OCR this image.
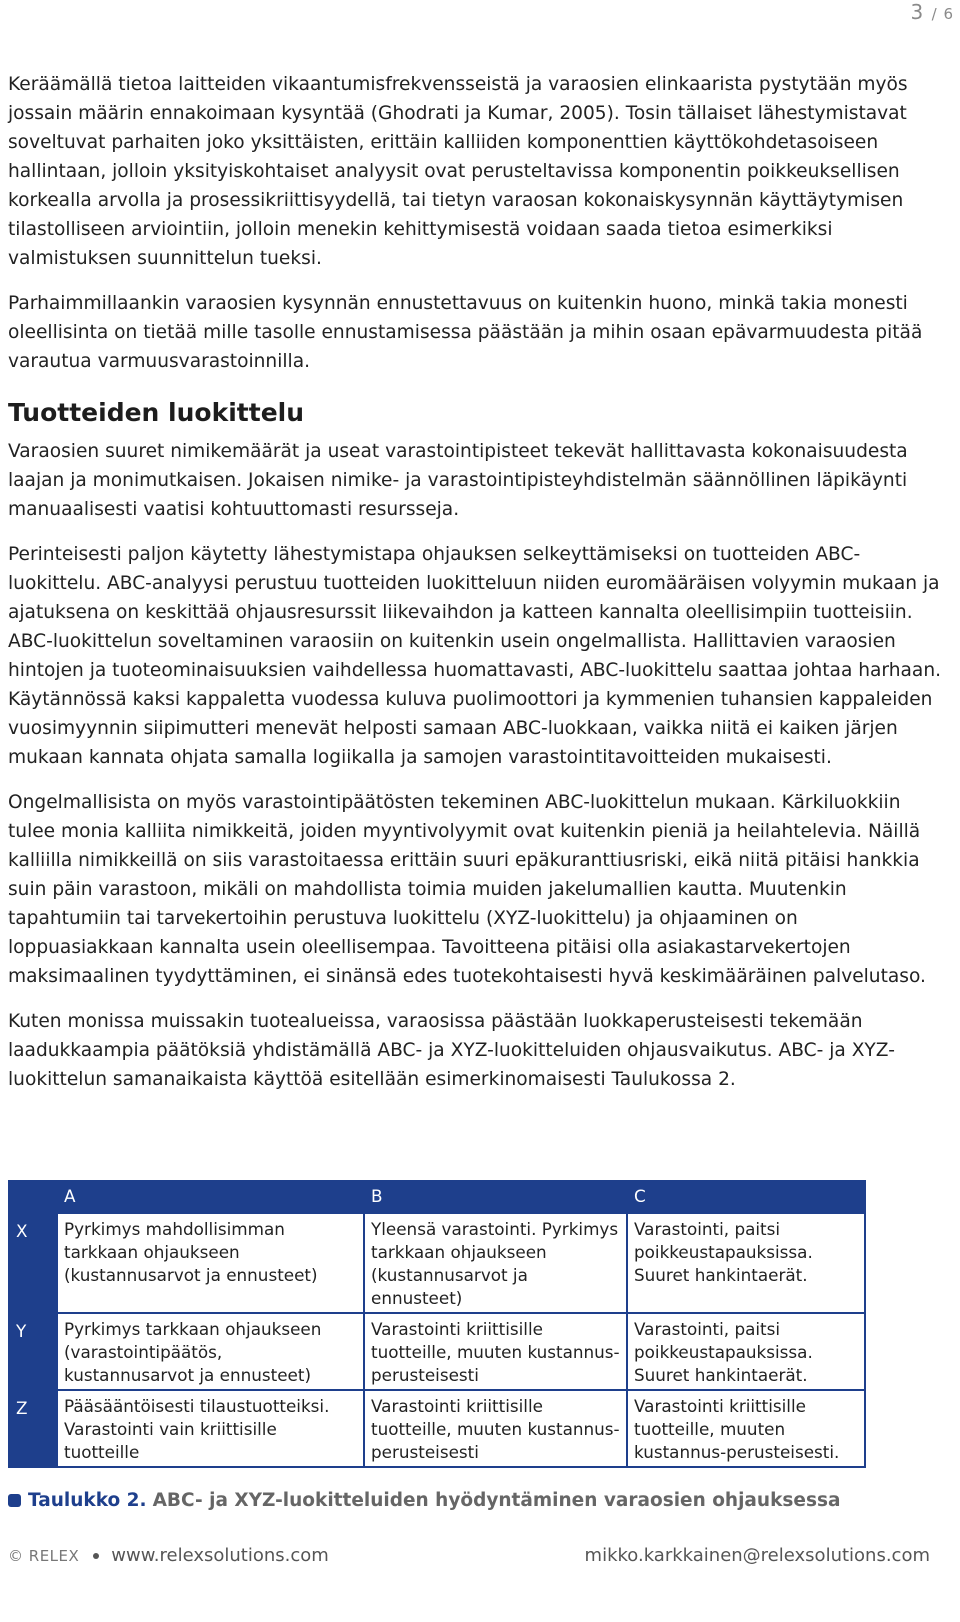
3 / 6

Keräämällä tietoa laitteiden vikaantumisfrekvensseistä ja varaosien elinkaarista pystytään myös jossain määrin ennakoimaan kysyntää (Ghodrati ja Kumar, 2005). Tosin tällaiset lähestymistavat soveltuvat parhaiten joko yksittäisten, erittäin kalliiden komponenttien käyttökohdetasoiseen hallintaan, jolloin yksityiskohtaiset analyysit ovat perusteltavissa komponentin poikkeuksellisen korkealla arvolla ja prosessikriittisyydellä, tai tietyn varaosan kokonaiskysynnän käyttäytymisen tilastolliseen arviointiin, jolloin menekin kehittymisestä voidaan saada tietoa esimerkiksi valmistuksen suunnittelun tueksi.

Parhaimmillaankin varaosien kysynnän ennustettavuus on kuitenkin huono, minkä takia monesti oleellisinta on tietää mille tasolle ennustamisessa päästään ja mihin osaan epävarmuudesta pitää varautua varmuusvarastoinnilla.

Tuotteiden luokittelu

Varaosien suuret nimikemäärät ja useat varastointipisteet tekevät hallittavasta kokonaisuudesta laajan ja monimutkaisen. Jokaisen nimike- ja varastointipisteyhdistelmän säännöllinen läpikäynti manuaalisesti vaatisi kohtuuttomasti resursseja.

Perinteisesti paljon käytetty lähestymistapa ohjauksen selkeyttämiseksi on tuotteiden ABC-luokittelu. ABC-analyysi perustuu tuotteiden luokitteluun niiden euromääräisen volyymin mukaan ja ajatuksena on keskittää ohjausresurssit liikevaihdon ja katteen kannalta oleellisimpiin tuotteisiin. ABC-luokittelun soveltaminen varaosiin on kuitenkin usein ongelmallista. Hallittavien varaosien hintojen ja tuoteominaisuuksien vaihdellessa huomattavasti, ABC-luokittelu saattaa johtaa harhaan. Käytännössä kaksi kappaletta vuodessa kuluva puolimoottori ja kymmenien tuhansien kappaleiden vuosimyynnin siipimutteri menevät helposti samaan ABC-luokkaan, vaikka niitä ei kaiken järjen mukaan kannata ohjata samalla logiikalla ja samojen varastointitavoitteiden mukaisesti.

Ongelmallisista on myös varastointipäätösten tekeminen ABC-luokittelun mukaan. Kärkiluokkiin tulee monia kalliita nimikkeitä, joiden myyntivolyymit ovat kuitenkin pieniä ja heilahtelevia. Näillä kalliilla nimikkeillä on siis varastoitaessa erittäin suuri epäkuranttiusriski, eikä niitä pitäisi hankkia suin päin varastoon, mikäli on mahdollista toimia muiden jakelumallien kautta. Muutenkin tapahtumiin tai tarvekertoihin perustuva luokittelu (XYZ-luokittelu) ja ohjaaminen on loppuasiakkaan kannalta usein oleellisempaa. Tavoitteena pitäisi olla asiakastarvekertojen maksimaalinen tyydyttäminen, ei sinänsä edes tuotekohtaisesti hyvä keskimääräinen palvelutaso.

Kuten monissa muissakin tuotealueissa, varaosissa päästään luokkaperusteisesti tekemään laadukkaampia päätöksiä yhdistämällä ABC- ja XYZ-luokitteluiden ohjausvaikutus. ABC- ja XYZ-luokittelun samanaikaista käyttöä esitellään esimerkinomaisesti Taulukossa 2.

	A	B	C
X	Pyrkimys mahdollisimman tarkkaan ohjaukseen (kustannusarvot ja ennusteet)	Yleensä varastointi. Pyrkimys tarkkaan ohjaukseen (kustannusarvot ja ennusteet)	Varastointi, paitsi poikkeustapauksissa. Suuret hankintaerät.
Y	Pyrkimys tarkkaan ohjaukseen (varastointipäätös, kustannusarvot ja ennusteet)	Varastointi kriittisille tuotteille, muuten kustannus-perusteisesti	Varastointi, paitsi poikkeustapauksissa. Suuret hankintaerät.
Z	Pääsääntöisesti tilaustuotteiksi. Varastointi vain kriittisille tuotteille	Varastointi kriittisille tuotteille, muuten kustannus-perusteisesti	Varastointi kriittisille tuotteille, muuten kustannus-perusteisesti.
Taulukko 2. ABC- ja XYZ-luokitteluiden hyödyntäminen varaosien ohjauksessa
© RELEX www.relexsolutions.com	mikko.karkkainen@relexsolutions.com
